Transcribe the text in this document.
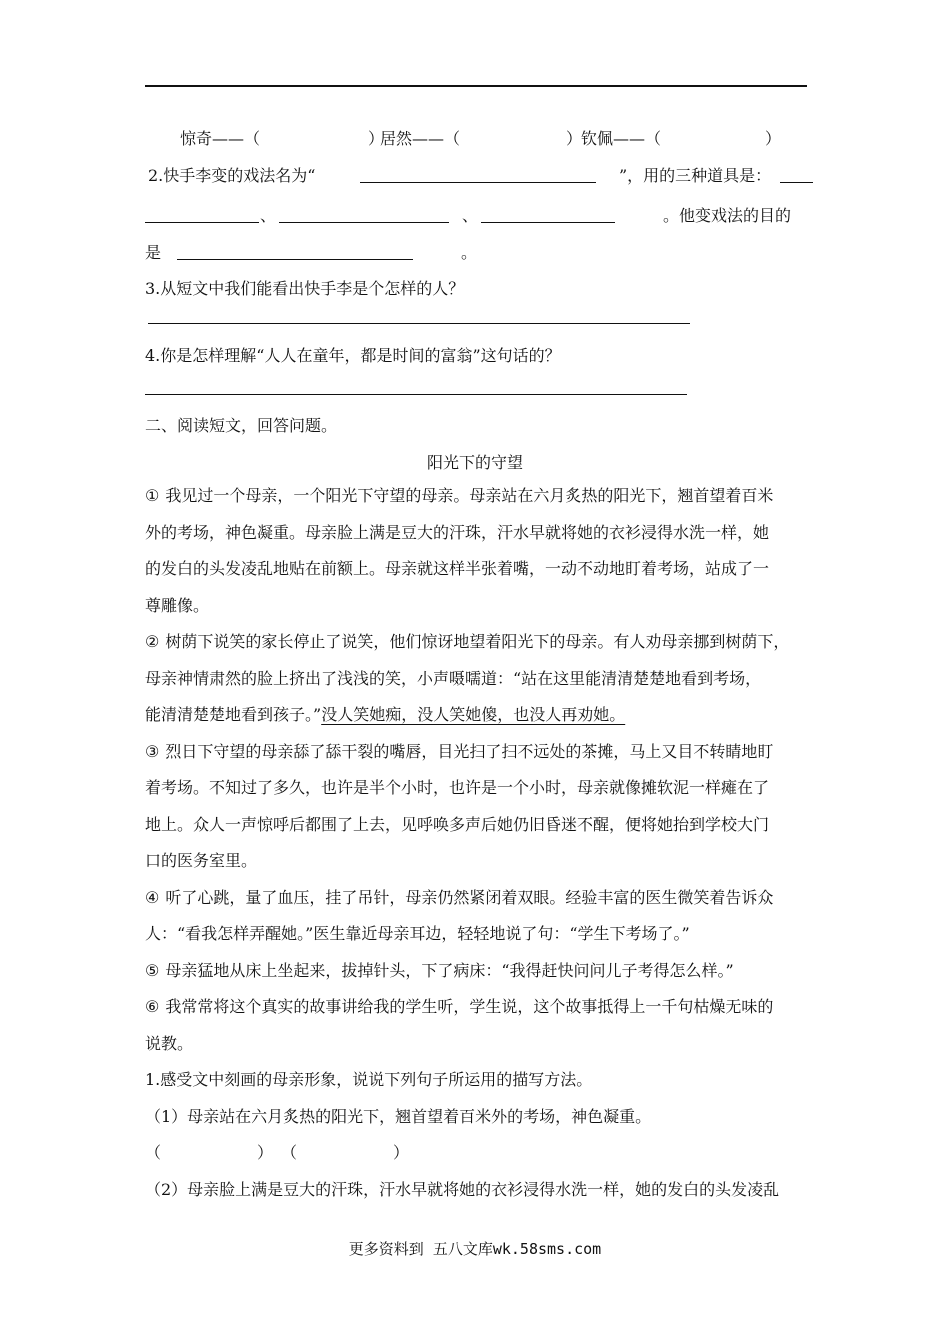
惊奇——（	）
居然——（	）
钦佩——（	）
2.快手李变的戏法名为“	”，用的三种道具是：
、	、	。他变戏法的目的
是	。
3.从短文中我们能看出快手李是个怎样的人？
4.你是怎样理解“人人在童年，都是时间的富翁”这句话的？
二、阅读短文，回答问题。
阳光下的守望
① 我见过一个母亲，一个阳光下守望的母亲。母亲站在六月炙热的阳光下，翘首望着百米
外的考场，神色凝重。母亲脸上满是豆大的汗珠，汗水早就将她的衣衫浸得水洗一样，她
的发白的头发凌乱地贴在前额上。母亲就这样半张着嘴，一动不动地盯着考场，站成了一
尊雕像。
② 树荫下说笑的家长停止了说笑，他们惊讶地望着阳光下的母亲。有人劝母亲挪到树荫下，
母亲神情肃然的脸上挤出了浅浅的笑，小声嗫嚅道：“站在这里能清清楚楚地看到考场，
能清清楚楚地看到孩子。”没人笑她痴，没人笑她傻，也没人再劝她。
③ 烈日下守望的母亲舔了舔干裂的嘴唇，目光扫了扫不远处的茶摊，马上又目不转睛地盯
着考场。不知过了多久，也许是半个小时，也许是一个小时，母亲就像摊软泥一样瘫在了
地上。众人一声惊呼后都围了上去，见呼唤多声后她仍旧昏迷不醒，便将她抬到学校大门
口的医务室里。
④ 听了心跳，量了血压，挂了吊针，母亲仍然紧闭着双眼。经验丰富的医生微笑着告诉众
人：“看我怎样弄醒她。”医生靠近母亲耳边，轻轻地说了句：“学生下考场了。”
⑤ 母亲猛地从床上坐起来，拔掉针头，下了病床：“我得赶快问问儿子考得怎么样。”
⑥ 我常常将这个真实的故事讲给我的学生听，学生说，这个故事抵得上一千句枯燥无味的
说教。
1.感受文中刻画的母亲形象，说说下列句子所运用的描写方法。
（1）母亲站在六月炙热的阳光下，翘首望着百米外的考场，神色凝重。
（	） （	）
（2）母亲脸上满是豆大的汗珠，汗水早就将她的衣衫浸得水洗一样，她的发白的头发凌乱
更多资料到 五八文库wk.58sms.com
